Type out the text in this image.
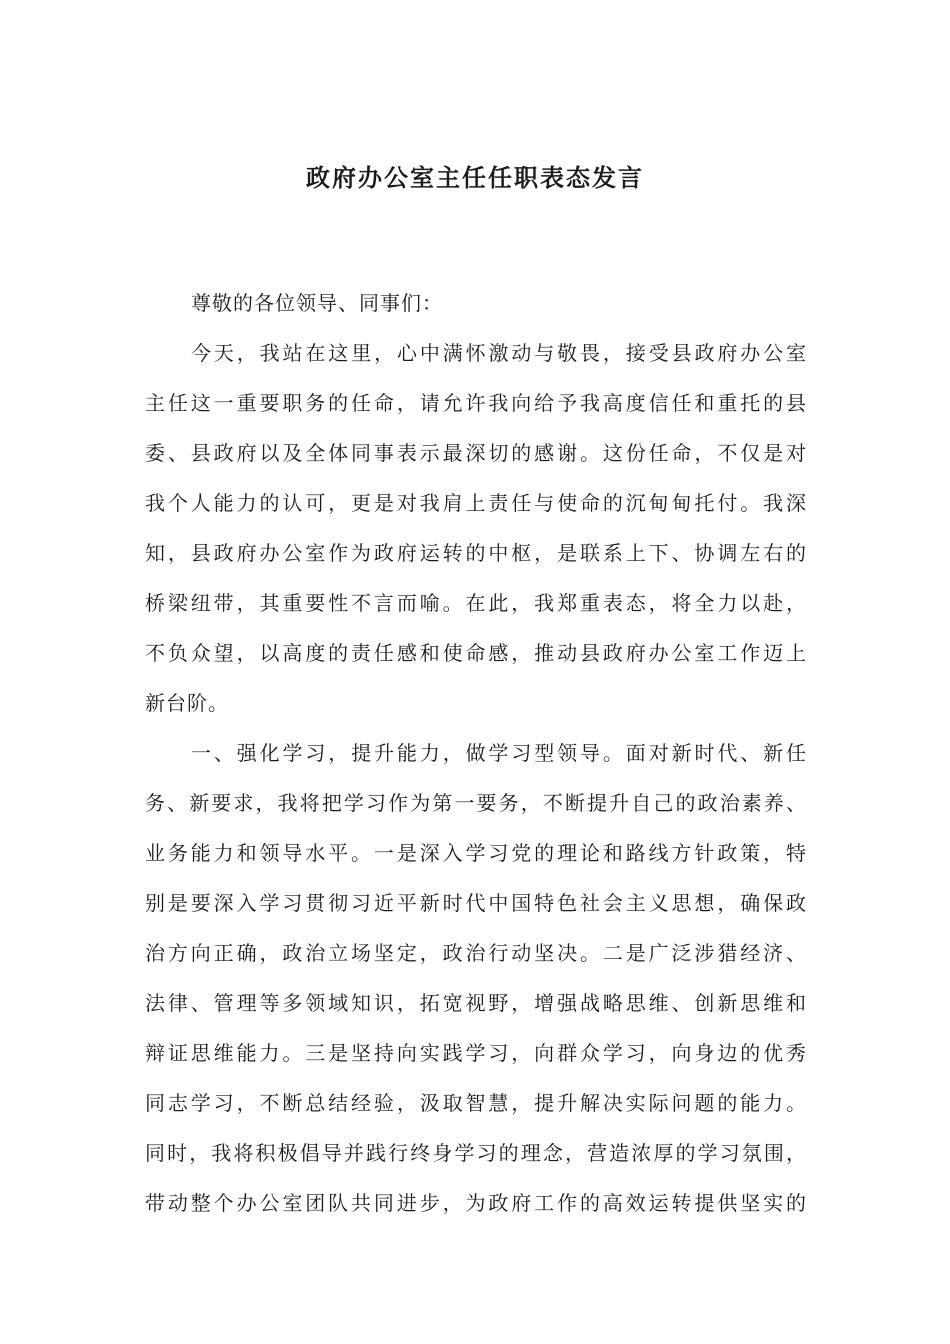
政府办公室主任任职表态发言
尊敬的各位领导、同事们：
今天，我站在这里，心中满怀激动与敬畏，接受县政府办公室
主任这一重要职务的任命，请允许我向给予我高度信任和重托的县
委、县政府以及全体同事表示最深切的感谢。这份任命，不仅是对
我个人能力的认可，更是对我肩上责任与使命的沉甸甸托付。我深
知，县政府办公室作为政府运转的中枢，是联系上下、协调左右的
桥梁纽带，其重要性不言而喻。在此，我郑重表态，将全力以赴，
不负众望，以高度的责任感和使命感，推动县政府办公室工作迈上
新台阶。
一、强化学习，提升能力，做学习型领导。面对新时代、新任
务、新要求，我将把学习作为第一要务，不断提升自己的政治素养、
业务能力和领导水平。一是深入学习党的理论和路线方针政策，特
别是要深入学习贯彻习近平新时代中国特色社会主义思想，确保政
治方向正确，政治立场坚定，政治行动坚决。二是广泛涉猎经济、
法律、管理等多领域知识，拓宽视野，增强战略思维、创新思维和
辩证思维能力。三是坚持向实践学习，向群众学习，向身边的优秀
同志学习，不断总结经验，汲取智慧，提升解决实际问题的能力。
同时，我将积极倡导并践行终身学习的理念，营造浓厚的学习氛围，
带动整个办公室团队共同进步，为政府工作的高效运转提供坚实的
